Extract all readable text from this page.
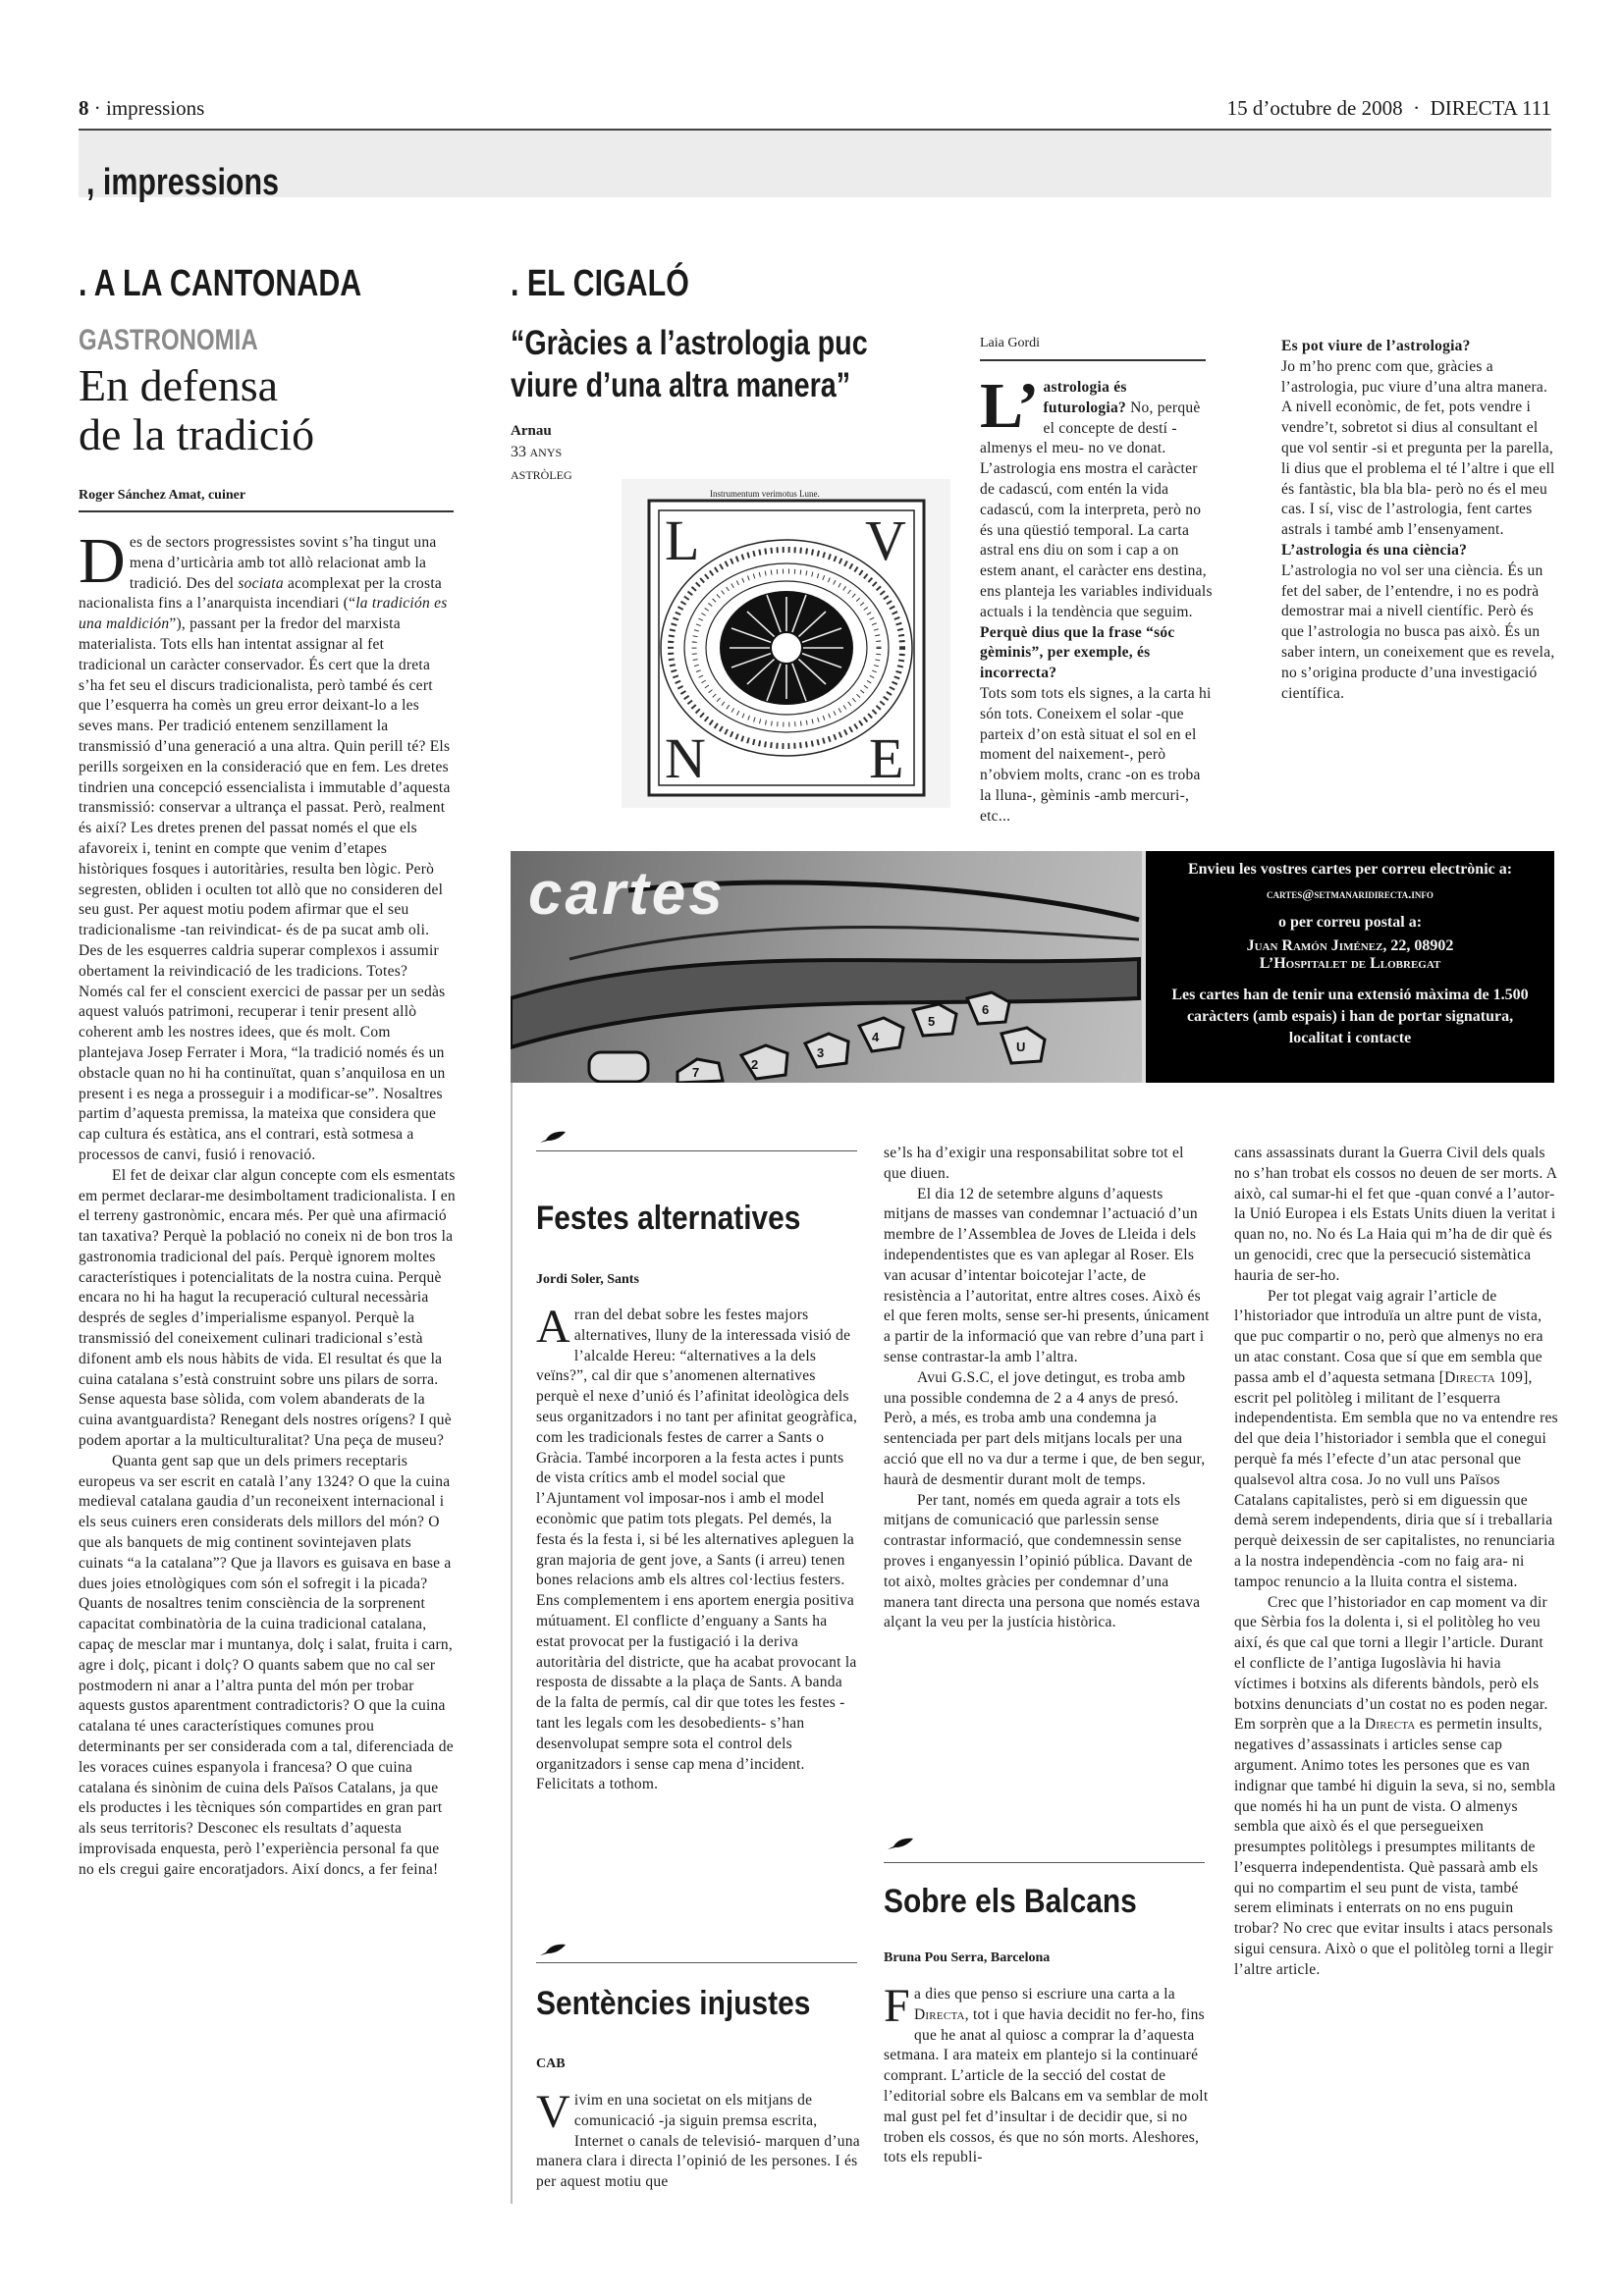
8 · impressions	15 d’octubre de 2008 · DIRECTA 111
, impressions
. A LA CANTONADA
GASTRONOMIA
En defensa
de la tradició
Roger Sánchez Amat, cuiner

Des de sectors progressistes sovint s’ha tingut una mena d’urticària amb tot allò relacionat amb la tradició. Des del sociata acomplexat per la crosta nacionalista fins a l’anarquista incendiari (“la tradición es una maldición”), passant per la fredor del marxista materialista. Tots ells han intentat assignar al fet tradicional un caràcter conservador. És cert que la dreta s’ha fet seu el discurs tradicionalista, però també és cert que l’esquerra ha comès un greu error deixant-lo a les seves mans. Per tradició entenem senzillament la transmissió d’una generació a una altra. Quin perill té? Els perills sorgeixen en la consideració que en fem. Les dretes tindrien una concepció essencialista i immutable d’aquesta transmissió: conservar a ultrança el passat. Però, realment és així? Les dretes prenen del passat només el que els afavoreix i, tenint en compte que venim d’etapes històriques fosques i autoritàries, resulta ben lògic. Però segresten, obliden i oculten tot allò que no consideren del seu gust. Per aquest motiu podem afirmar que el seu tradicionalisme -tan reivindicat- és de pa sucat amb oli. Des de les esquerres caldria superar complexos i assumir obertament la reivindicació de les tradicions. Totes? Només cal fer el conscient exercici de passar per un sedàs aquest valuós patrimoni, recuperar i tenir present allò coherent amb les nostres idees, que és molt. Com plantejava Josep Ferrater i Mora, “la tradició només és un obstacle quan no hi ha continuïtat, quan s’anquilosa en un present i es nega a prosseguir i a modificar-se”. Nosaltres partim d’aquesta premissa, la mateixa que considera que cap cultura és estàtica, ans el contrari, està sotmesa a processos de canvi, fusió i renovació.

El fet de deixar clar algun concepte com els esmentats em permet declarar-me desimboltament tradicionalista. I en el terreny gastronòmic, encara més. Per què una afirmació tan taxativa? Perquè la població no coneix ni de bon tros la gastronomia tradicional del país. Perquè ignorem moltes característiques i potencialitats de la nostra cuina. Perquè encara no hi ha hagut la recuperació cultural necessària després de segles d’imperialisme espanyol. Perquè la transmissió del coneixement culinari tradicional s’està difonent amb els nous hàbits de vida. El resultat és que la cuina catalana s’està construint sobre uns pilars de sorra. Sense aquesta base sòlida, com volem abanderats de la cuina avantguardista? Renegant dels nostres orígens? I què podem aportar a la multiculturalitat? Una peça de museu?

Quanta gent sap que un dels primers receptaris europeus va ser escrit en català l’any 1324? O que la cuina medieval catalana gaudia d’un reconeixent internacional i els seus cuiners eren considerats dels millors del món? O que als banquets de mig continent sovintejaven plats cuinats “a la catalana”? Que ja llavors es guisava en base a dues joies etnològiques com són el sofregit i la picada? Quants de nosaltres tenim consciència de la sorprenent capacitat combinatòria de la cuina tradicional catalana, capaç de mesclar mar i muntanya, dolç i salat, fruita i carn, agre i dolç, picant i dolç? O quants sabem que no cal ser postmodern ni anar a l’altra punta del món per trobar aquests gustos aparentment contradictoris? O que la cuina catalana té unes característiques comunes prou determinants per ser considerada com a tal, diferenciada de les voraces cuines espanyola i francesa? O que cuina catalana és sinònim de cuina dels Països Catalans, ja que els productes i les tècniques són compartides en gran part als seus territoris? Desconec els resultats d’aquesta improvisada enquesta, però l’experiència personal fa que no els cregui gaire encoratjadors. Així doncs, a fer feina!

. EL CIGALÓ
“Gràcies a l’astrologia puc
viure d’una altra manera”
Arnau
33 ANYS
ASTRÒLEG
Instrumentum verimotus Lune.
L	V
N	E
Laia Gordi

L’ astrologia és futurologia? No, perquè el concepte de destí -almenys el meu- no ve donat. L’astrologia ens mostra el caràcter de cadascú, com entén la vida cadascú, com la interpreta, però no és una qüestió temporal. La carta astral ens diu on som i cap a on estem anant, el caràcter ens destina, ens planteja les variables individuals actuals i la tendència que seguim.

Perquè dius que la frase “sóc gèminis”, per exemple, és incorrecta?

Tots som tots els signes, a la carta hi són tots. Coneixem el solar -que parteix d’on està situat el sol en el moment del naixement-, però n’obviem molts, cranc -on es troba la lluna-, gèminis -amb mercuri-, etc...

Es pot viure de l’astrologia?

Jo m’ho prenc com que, gràcies a l’astrologia, puc viure d’una altra manera. A nivell econòmic, de fet, pots vendre i vendre’t, sobretot si dius al consultant el que vol sentir -si et pregunta per la parella, li dius que el problema el té l’altre i que ell és fantàstic, bla bla bla- però no és el meu cas. I sí, visc de l’astrologia, fent cartes astrals i també amb l’ensenyament.

L’astrologia és una ciència?

L’astrologia no vol ser una ciència. És un fet del saber, de l’entendre, i no es podrà demostrar mai a nivell científic. Però és que l’astrologia no busca pas això. És un saber intern, un coneixement que es revela, no s’origina producte d’una investigació científica.

2
3
4
5
6
7
U
cartes	Envieu les vostres cartes per correu electrònic a:
cartes@setmanaridirecta.info
o per correu postal a:
Juan Ramón Jiménez, 22, 08902
L’Hospitalet de Llobregat
Les cartes han de tenir una extensió màxima de 1.500 caràcters (amb espais) i han de portar signatura, localitat i contacte
Festes alternatives
Jordi Soler, Sants

Arran del debat sobre les festes majors alternatives, lluny de la interessada visió de l’alcalde Hereu: “alternatives a la dels veïns?”, cal dir que s’anomenen alternatives perquè el nexe d’unió és l’afinitat ideològica dels seus organitzadors i no tant per afinitat geogràfica, com les tradicionals festes de carrer a Sants o Gràcia. També incorporen a la festa actes i punts de vista crítics amb el model social que l’Ajuntament vol imposar-nos i amb el model econòmic que patim tots plegats. Pel demés, la festa és la festa i, si bé les alternatives apleguen la gran majoria de gent jove, a Sants (i arreu) tenen bones relacions amb els altres col·lectius festers. Ens complementem i ens aportem energia positiva mútuament. El conflicte d’enguany a Sants ha estat provocat per la fustigació i la deriva autoritària del districte, que ha acabat provocant la resposta de dissabte a la plaça de Sants. A banda de la falta de permís, cal dir que totes les festes -tant les legals com les desobedients- s’han desenvolupat sempre sota el control dels organitzadors i sense cap mena d’incident. Felicitats a tothom.

Sentències injustes
CAB

Vivim en una societat on els mitjans de comunicació -ja siguin premsa escrita, Internet o canals de televisió- marquen d’una manera clara i directa l’opinió de les persones. I és per aquest motiu que

se’ls ha d’exigir una responsabilitat sobre tot el que diuen.

El dia 12 de setembre alguns d’aquests mitjans de masses van condemnar l’actuació d’un membre de l’Assemblea de Joves de Lleida i dels independentistes que es van aplegar al Roser. Els van acusar d’intentar boicotejar l’acte, de resistència a l’autoritat, entre altres coses. Això és el que feren molts, sense ser-hi presents, únicament a partir de la informació que van rebre d’una part i sense contrastar-la amb l’altra.

Avui G.S.C, el jove detingut, es troba amb una possible condemna de 2 a 4 anys de presó. Però, a més, es troba amb una condemna ja sentenciada per part dels mitjans locals per una acció que ell no va dur a terme i que, de ben segur, haurà de desmentir durant molt de temps.

Per tant, només em queda agrair a tots els mitjans de comunicació que parlessin sense contrastar informació, que condemnessin sense proves i enganyessin l’opinió pública. Davant de tot això, moltes gràcies per condemnar d’una manera tant directa una persona que només estava alçant la veu per la justícia històrica.

Sobre els Balcans
Bruna Pou Serra, Barcelona

Fa dies que penso si escriure una carta a la Directa, tot i que havia decidit no fer-ho, fins que he anat al quiosc a comprar la d’aquesta setmana. I ara mateix em plantejo si la continuaré comprant. L’article de la secció del costat de l’editorial sobre els Balcans em va semblar de molt mal gust pel fet d’insultar i de decidir que, si no troben els cossos, és que no són morts. Aleshores, tots els republi-

cans assassinats durant la Guerra Civil dels quals no s’han trobat els cossos no deuen de ser morts. A això, cal sumar-hi el fet que -quan convé a l’autor- la Unió Europea i els Estats Units diuen la veritat i quan no, no. No és La Haia qui m’ha de dir què és un genocidi, crec que la persecució sistemàtica hauria de ser-ho.

Per tot plegat vaig agrair l’article de l’historiador que introduïa un altre punt de vista, que puc compartir o no, però que almenys no era un atac constant. Cosa que sí que em sembla que passa amb el d’aquesta setmana [Directa 109], escrit pel politòleg i militant de l’esquerra independentista. Em sembla que no va entendre res del que deia l’historiador i sembla que el conegui perquè fa més l’efecte d’un atac personal que qualsevol altra cosa. Jo no vull uns Països Catalans capitalistes, però si em diguessin que demà serem independents, diria que sí i treballaria perquè deixessin de ser capitalistes, no renunciaria a la nostra independència -com no faig ara- ni tampoc renuncio a la lluita contra el sistema.

Crec que l’historiador en cap moment va dir que Sèrbia fos la dolenta i, si el politòleg ho veu així, és que cal que torni a llegir l’article. Durant el conflicte de l’antiga Iugoslàvia hi havia víctimes i botxins als diferents bàndols, però els botxins denunciats d’un costat no es poden negar. Em sorprèn que a la Directa es permetin insults, negatives d’assassinats i articles sense cap argument. Animo totes les persones que es van indignar que també hi diguin la seva, si no, sembla que només hi ha un punt de vista. O almenys sembla que això és el que persegueixen presumptes politòlegs i presumptes militants de l’esquerra independentista. Què passarà amb els qui no compartim el seu punt de vista, també serem eliminats i enterrats on no ens puguin trobar? No crec que evitar insults i atacs personals sigui censura. Això o que el politòleg torni a llegir l’altre article.
